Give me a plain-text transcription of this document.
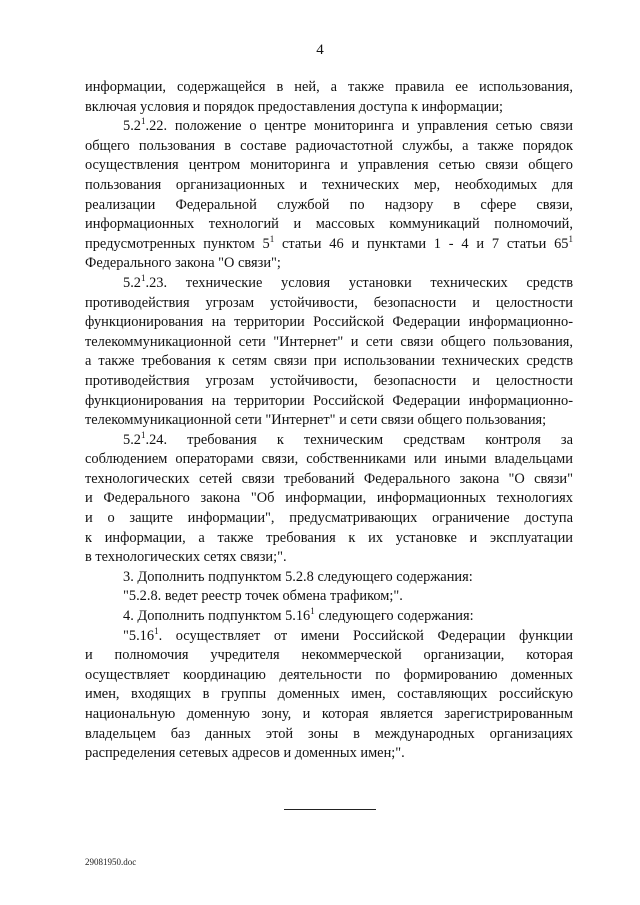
4
информации, содержащейся в ней, а также правила ее использования,
включая условия и порядок предоставления доступа к информации;
$5.2^1.22$. положение о центре мониторинга и управления сетью связи
общего пользования в составе радиочастотной службы, а также порядок
осуществления центром мониторинга и управления сетью связи общего
пользования организационных и технических мер, необходимых для
реализации Федеральной службой по надзору в сфере связи,
информационных технологий и массовых коммуникаций полномочий,
предусмотренных пунктом $5^1$ статьи 46 и пунктами 1 - 4 и 7 статьи $65^1$
Федерального закона "О связи";
$5.2^1.23$. технические условия установки технических средств
противодействия угрозам устойчивости, безопасности и целостности
функционирования на территории Российской Федерации информационно-
телекоммуникационной сети "Интернет" и сети связи общего пользования,
а также требования к сетям связи при использовании технических средств
противодействия угрозам устойчивости, безопасности и целостности
функционирования на территории Российской Федерации информационно-
телекоммуникационной сети "Интернет" и сети связи общего пользования;
$5.2^1.24$. требования к техническим средствам контроля за
соблюдением операторами связи, собственниками или иными владельцами
технологических сетей связи требований Федерального закона "О связи"
и Федерального закона "Об информации, информационных технологиях
и о защите информации", предусматривающих ограничение доступа
к информации, а также требования к их установке и эксплуатации
в технологических сетях связи;".
3. Дополнить подпунктом 5.2.8 следующего содержания:
"5.2.8. ведет реестр точек обмена трафиком;".
4. Дополнить подпунктом 5.16$^1$ следующего содержания:
"5.16$^1$. осуществляет от имени Российской Федерации функции
и полномочия учредителя некоммерческой организации, которая
осуществляет координацию деятельности по формированию доменных
имен, входящих в группы доменных имен, составляющих российскую
национальную доменную зону, и которая является зарегистрированным
владельцем баз данных этой зоны в международных организациях
распределения сетевых адресов и доменных имен;".
29081950.doc
